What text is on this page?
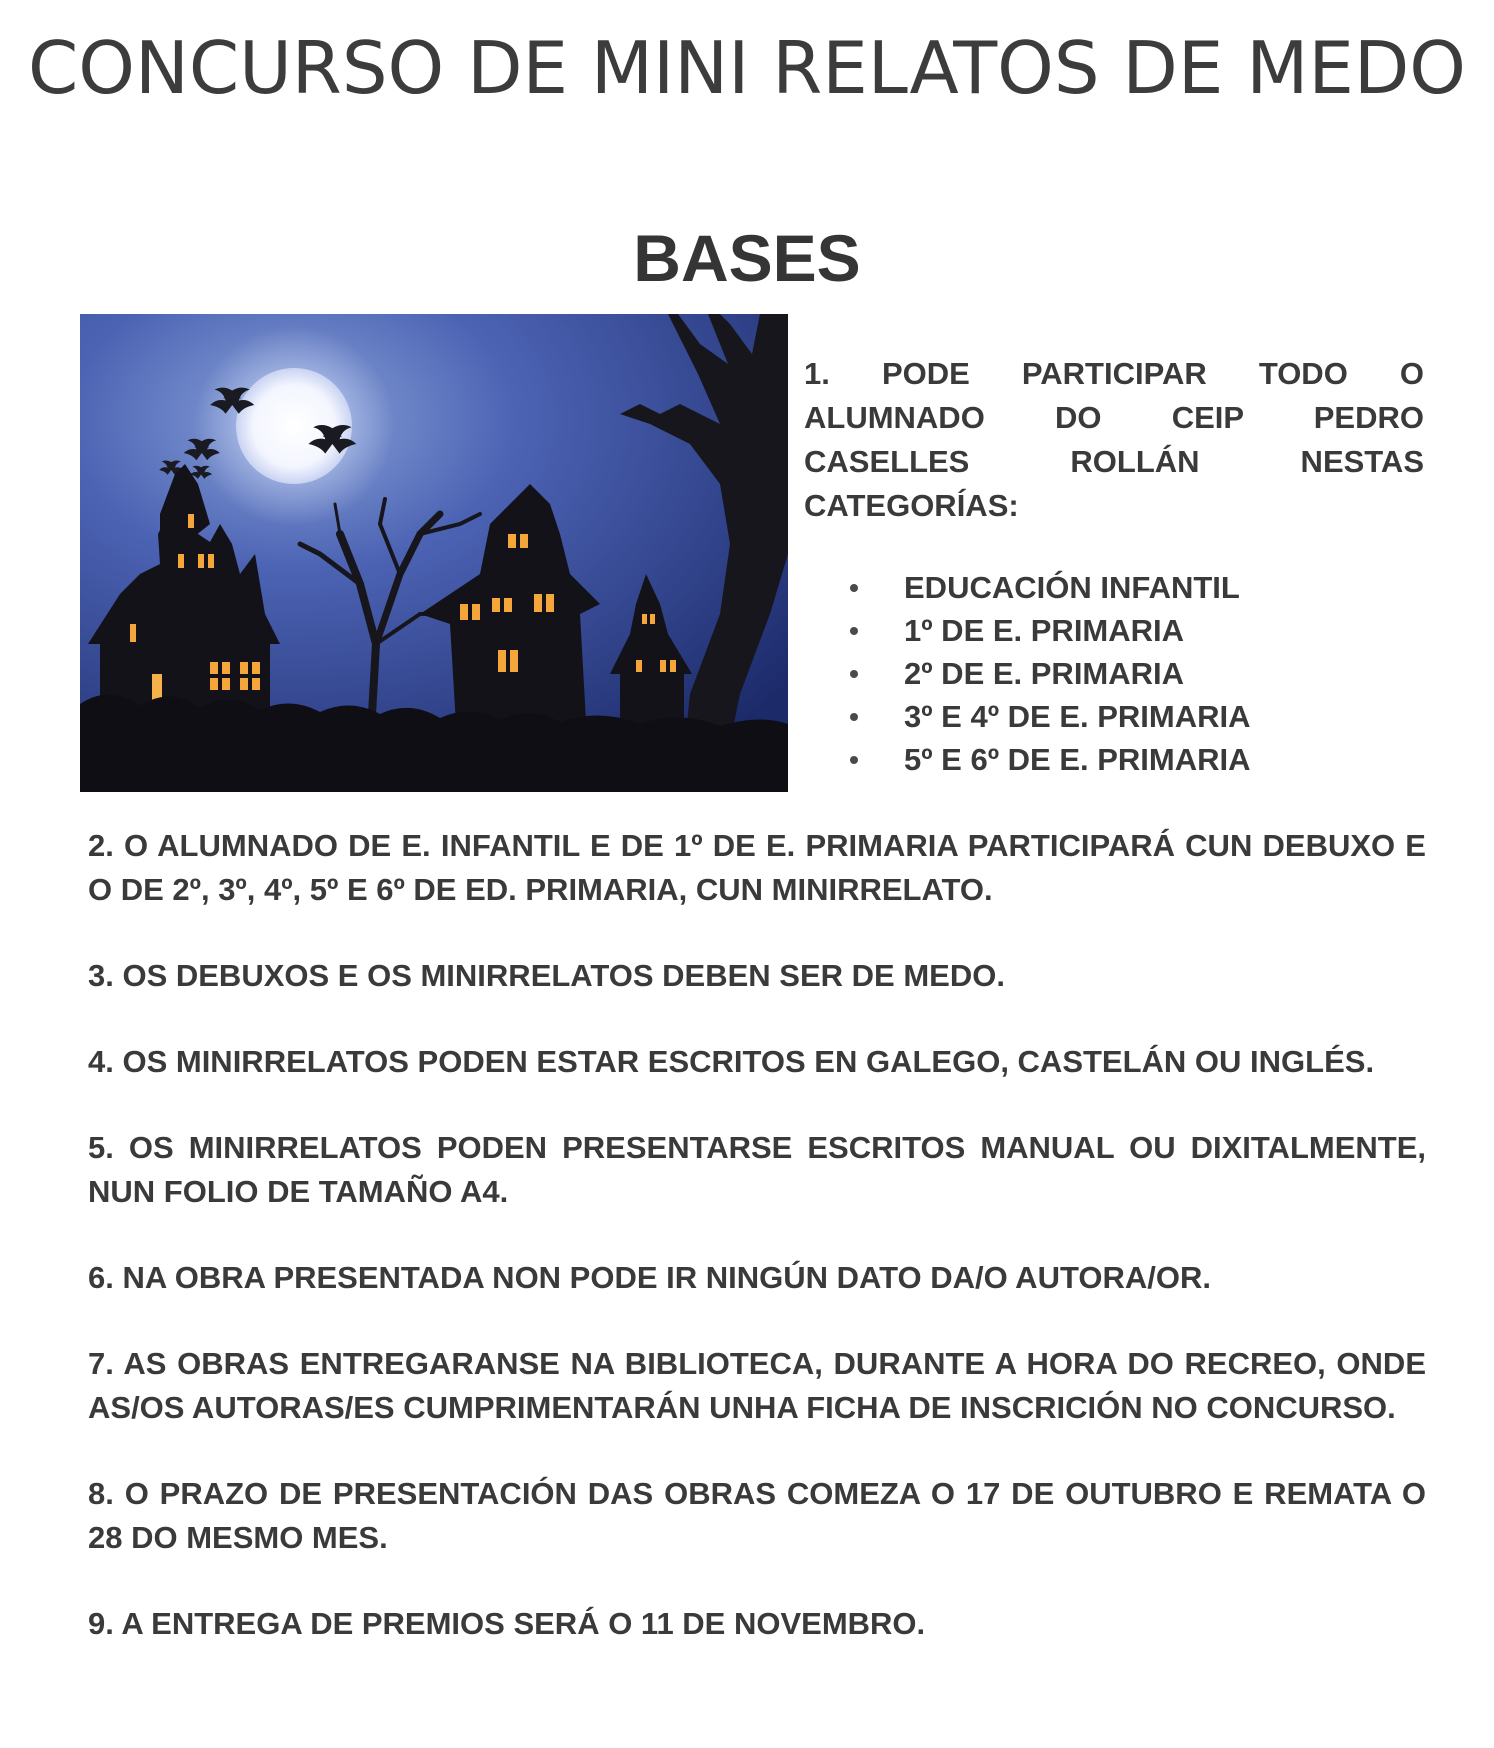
CONCURSO DE MINI RELATOS DE MEDO
BASES
1. PODE PARTICIPAR TODO O
ALUMNADO DO CEIP PEDRO
CASELLES ROLLÁN NESTAS
CATEGORÍAS:
EDUCACIÓN INFANTIL
1º DE E. PRIMARIA
2º DE E. PRIMARIA
3º E 4º DE E. PRIMARIA
5º E 6º DE E. PRIMARIA

2. O ALUMNADO DE E. INFANTIL E DE 1º DE E. PRIMARIA PARTICIPARÁ CUN DEBUXO E O DE 2º, 3º, 4º, 5º E 6º DE ED. PRIMARIA, CUN MINIRRELATO.

3. OS DEBUXOS E OS MINIRRELATOS DEBEN SER DE MEDO.

4. OS MINIRRELATOS PODEN ESTAR ESCRITOS EN GALEGO, CASTELÁN OU INGLÉS.

5. OS MINIRRELATOS PODEN PRESENTARSE ESCRITOS MANUAL OU DIXITALMENTE, NUN FOLIO DE TAMAÑO A4.

6. NA OBRA PRESENTADA NON PODE IR NINGÚN DATO DA/O AUTORA/OR.

7. AS OBRAS ENTREGARANSE NA BIBLIOTECA, DURANTE A HORA DO RECREO, ONDE AS/OS AUTORAS/ES CUMPRIMENTARÁN UNHA FICHA DE INSCRICIÓN NO CONCURSO.

8. O PRAZO DE PRESENTACIÓN DAS OBRAS COMEZA O 17 DE OUTUBRO E REMATA O 28 DO MESMO MES.

9. A ENTREGA DE PREMIOS SERÁ O 11 DE NOVEMBRO.
